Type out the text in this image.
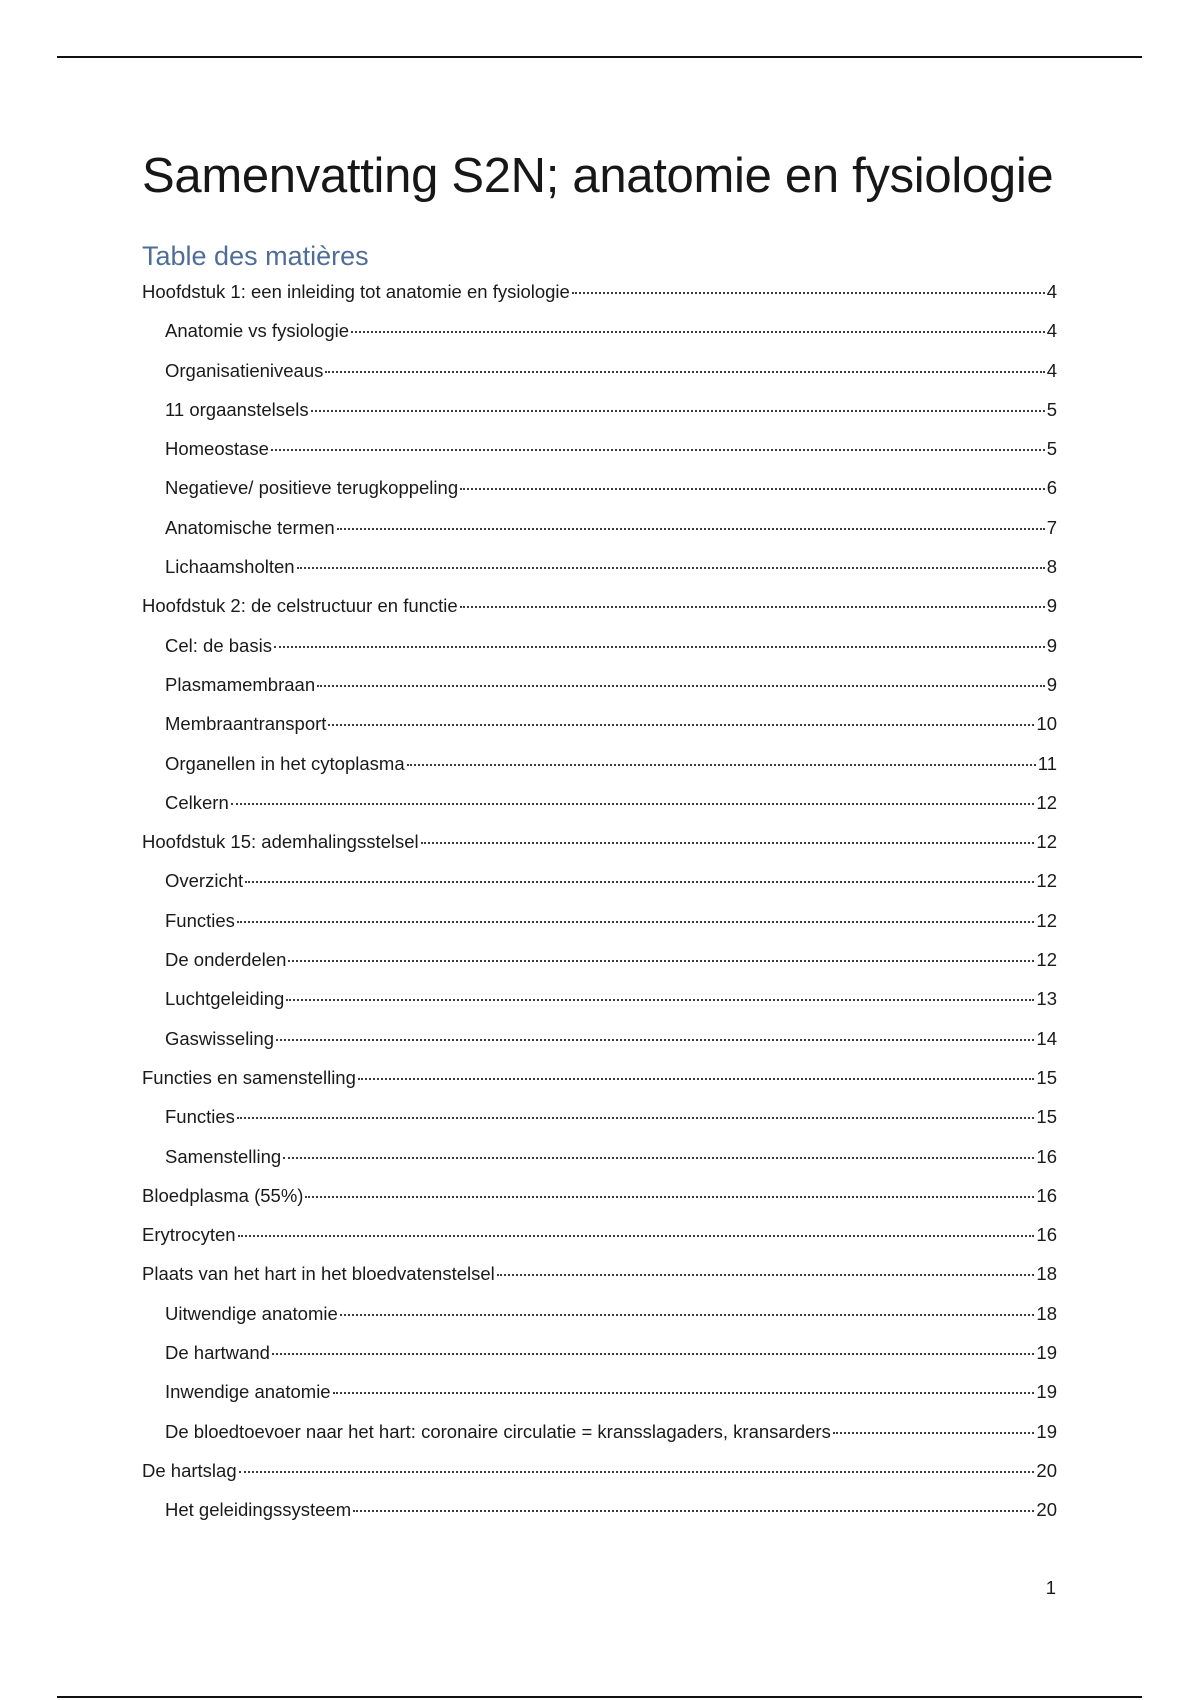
Samenvatting S2N; anatomie en fysiologie
Table des matières
Hoofdstuk 1: een inleiding tot anatomie en fysiologie	4
Anatomie vs fysiologie	4
Organisatieniveaus	4
11 orgaanstelsels	5
Homeostase	5
Negatieve/ positieve terugkoppeling	6
Anatomische termen	7
Lichaamsholten	8
Hoofdstuk 2: de celstructuur en functie	9
Cel: de basis	9
Plasmamembraan	9
Membraantransport	10
Organellen in het cytoplasma	11
Celkern	12
Hoofdstuk 15: ademhalingsstelsel	12
Overzicht	12
Functies	12
De onderdelen	12
Luchtgeleiding	13
Gaswisseling	14
Functies en samenstelling	15
Functies	15
Samenstelling	16
Bloedplasma (55%)	16
Erytrocyten	16
Plaats van het hart in het bloedvatenstelsel	18
Uitwendige anatomie	18
De hartwand	19
Inwendige anatomie	19
De bloedtoevoer naar het hart: coronaire circulatie = kransslagaders, kransarders	19
De hartslag	20
Het geleidingssysteem	20
1
